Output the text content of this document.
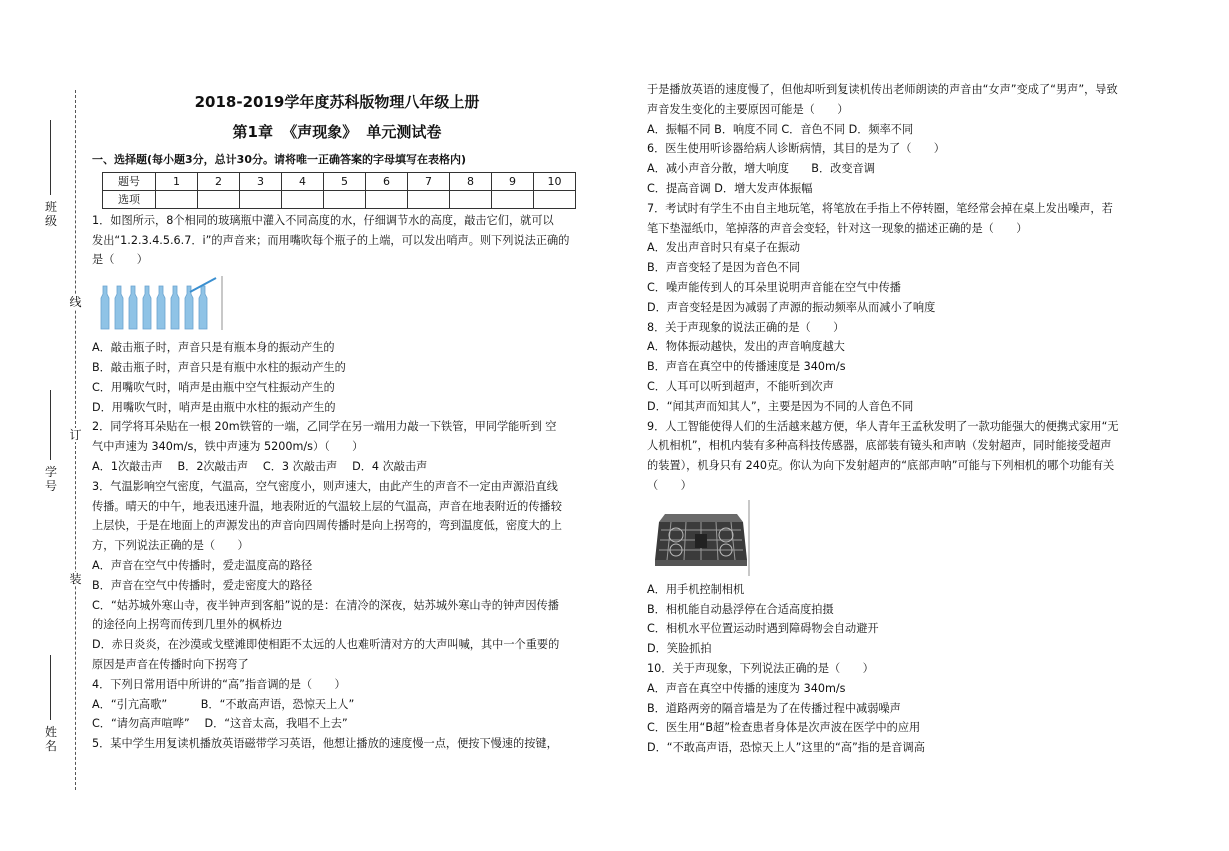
线
订
装
班级
学号
姓名

2018-2019学年度苏科版物理八年级上册

第1章 《声现象》 单元测试卷

一、选择题(每小题3分，总计30分。请将唯一正确答案的字母填写在表格内)

题号	1	2	3	4	5	6	7	8	9	10
选项										

1．如图所示，8个相同的玻璃瓶中灌入不同高度的水，仔细调节水的高度，敲击它们，就可以

发出“1.2.3.4.5.6.7．i”的声音来；而用嘴吹每个瓶子的上端，可以发出哨声。则下列说法正确的

是（　　）

A．敲击瓶子时，声音只是有瓶本身的振动产生的

B．敲击瓶子时，声音只是有瓶中水柱的振动产生的

C．用嘴吹气时，哨声是由瓶中空气柱振动产生的

D．用嘴吹气时，哨声是由瓶中水柱的振动产生的

2．同学将耳朵贴在一根 20m铁管的一端，乙同学在另一端用力敲一下铁管，甲同学能听到 空

气中声速为 340m/s，铁中声速为 5200m/s）（　　）

A．1次敲击声　 B．2次敲击声　 C．3 次敲击声　 D．4 次敲击声

3．气温影响空气密度，气温高，空气密度小，则声速大，由此产生的声音不一定由声源沿直线

传播。晴天的中午，地表迅速升温，地表附近的气温较上层的气温高，声音在地表附近的传播较

上层快，于是在地面上的声源发出的声音向四周传播时是向上拐弯的，弯到温度低，密度大的上

方，下列说法正确的是（　　）

A．声音在空气中传播时，爱走温度高的路径

B．声音在空气中传播时，爱走密度大的路径

C．“姑苏城外寒山寺，夜半钟声到客船”说的是：在清冷的深夜，姑苏城外寒山寺的钟声因传播

的途径向上拐弯而传到几里外的枫桥边

D．赤日炎炎，在沙漠或戈壁滩即使相距不太远的人也难听清对方的大声叫喊，其中一个重要的

原因是声音在传播时向下拐弯了

4．下列日常用语中所讲的“高”指音调的是（　　）

A．“引亢高歌”　　　B．“不敢高声语，恐惊天上人”

C．“请勿高声喧哗”　 D．“这音太高，我唱不上去”

5．某中学生用复读机播放英语磁带学习英语，他想让播放的速度慢一点，便按下慢速的按键，

于是播放英语的速度慢了，但他却听到复读机传出老师朗读的声音由“女声”变成了“男声”，导致

声音发生变化的主要原因可能是（　　）

A．振幅不同 B．响度不同 C．音色不同 D．频率不同

6．医生使用听诊器给病人诊断病情，其目的是为了（　　）

A．减小声音分散，增大响度　　B．改变音调

C．提高音调 D．增大发声体振幅

7．考试时有学生不由自主地玩笔，将笔放在手指上不停转圈，笔经常会掉在桌上发出噪声，若

笔下垫湿纸巾，笔掉落的声音会变轻，针对这一现象的描述正确的是（　　）

A．发出声音时只有桌子在振动

B．声音变轻了是因为音色不同

C．噪声能传到人的耳朵里说明声音能在空气中传播

D．声音变轻是因为减弱了声源的振动频率从而减小了响度

8．关于声现象的说法正确的是（　　）

A．物体振动越快，发出的声音响度越大

B．声音在真空中的传播速度是 340m/s

C．人耳可以听到超声，不能听到次声

D．“闻其声而知其人”，主要是因为不同的人音色不同

9．人工智能使得人们的生活越来越方便，华人青年王孟秋发明了一款功能强大的便携式家用“无

人机相机”，相机内装有多种高科技传感器，底部装有镜头和声呐（发射超声，同时能接受超声

的装置），机身只有 240克。你认为向下发射超声的“底部声呐”可能与下列相机的哪个功能有关

（　　）

A．用手机控制相机

B．相机能自动悬浮停在合适高度拍摄

C．相机水平位置运动时遇到障碍物会自动避开

D．笑脸抓拍

10．关于声现象，下列说法正确的是（　　）

A．声音在真空中传播的速度为 340m/s

B．道路两旁的隔音墙是为了在传播过程中减弱噪声

C．医生用“B超”检查患者身体是次声波在医学中的应用

D．“不敢高声语，恐惊天上人”这里的“高”指的是音调高
